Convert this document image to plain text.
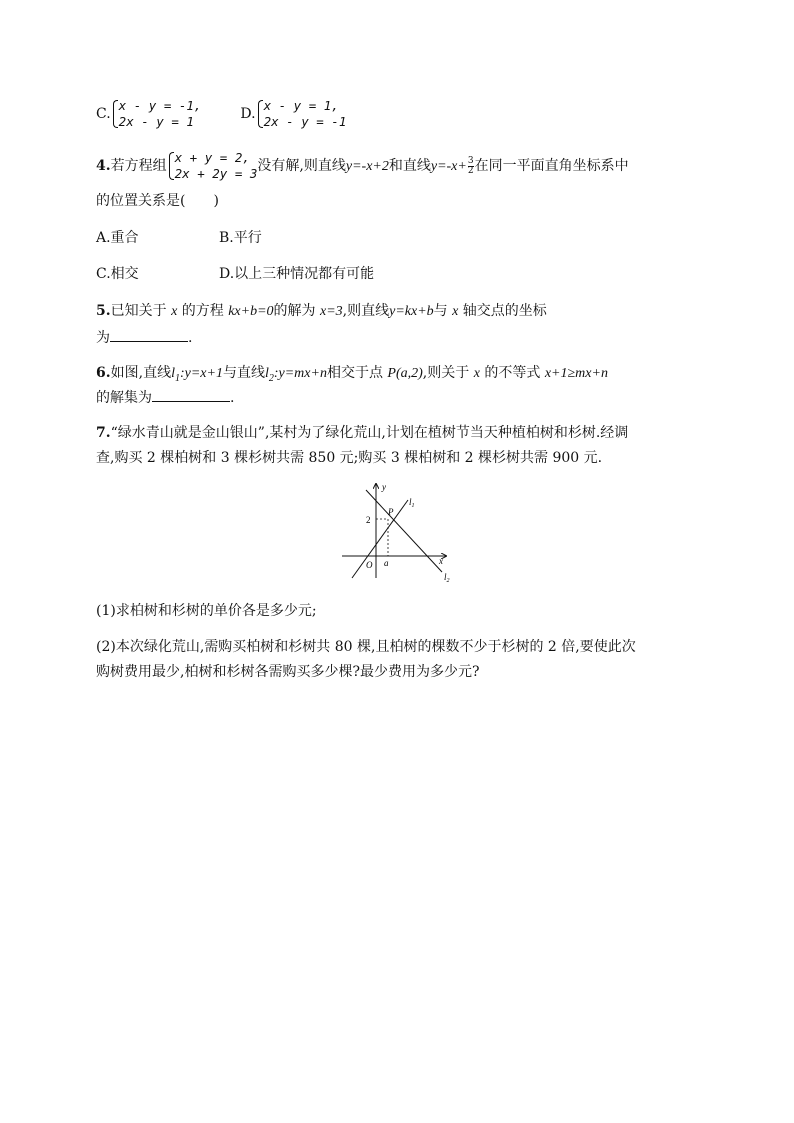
C.
x - y = -1,
2x - y = 1	D.
x - y = 1,
2x - y = -1
4.若方程组
x + y = 2,
2x + 2y = 3 没有解,则直线y=-x+2和直线$y=-x+ \frac{3}{2}$ 在同一平面直角坐标系中
的位置关系是(　　)
A.重合	B.平行
C.相交	D.以上三种情况都有可能
5.已知关于 x 的方程 kx+b=0的解为 x=3,则直线y=kx+b与 x 轴交点的坐标
为	.
6.如图,直线$l_1:y=x+1$与直线$l_2:y=mx+n$相交于点 P(a,2),则关于 x 的不等式 x+1≥mx+n
的解集为	.
7.“绿水青山就是金山银山”,某村为了绿化荒山,计划在植树节当天种植柏树和杉树.经调
查,购买 2 棵柏树和 3 棵杉树共需 850 元;购买 3 棵柏树和 2 棵杉树共需 900 元.
y
x
O
2
a
P
$l_1$
$l_2$
(1)求柏树和杉树的单价各是多少元;
(2)本次绿化荒山,需购买柏树和杉树共 80 棵,且柏树的棵数不少于杉树的 2 倍,要使此次
购树费用最少,柏树和杉树各需购买多少棵?最少费用为多少元?
